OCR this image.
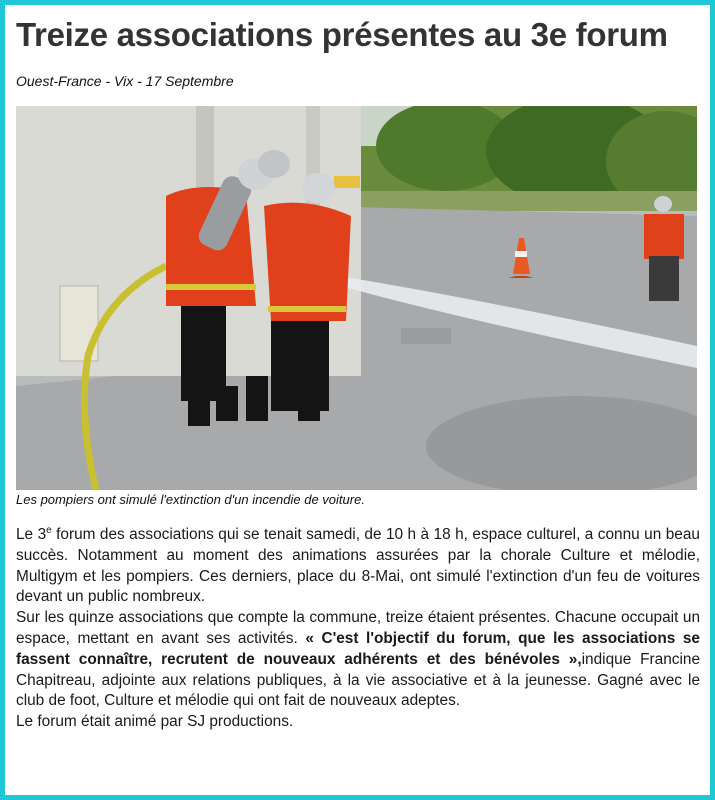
Treize associations présentes au 3e forum
Ouest-France - Vix - 17 Septembre
Les pompiers ont simulé l'extinction d'un incendie de voiture.

Le 3e forum des associations qui se tenait samedi, de 10 h à 18 h, espace culturel, a connu un beau succès. Notamment au moment des animations assurées par la chorale Culture et mélodie, Multigym et les pompiers. Ces derniers, place du 8-Mai, ont simulé l'extinction d'un feu de voitures devant un public nombreux.

Sur les quinze associations que compte la commune, treize étaient présentes. Chacune occupait un espace, mettant en avant ses activités. « C'est l'objectif du forum, que les associations se fassent connaître, recrutent de nouveaux adhérents et des bénévoles »,indique Francine Chapitreau, adjointe aux relations publiques, à la vie associative et à la jeunesse. Gagné avec le club de foot, Culture et mélodie qui ont fait de nouveaux adeptes.

Le forum était animé par SJ productions.
